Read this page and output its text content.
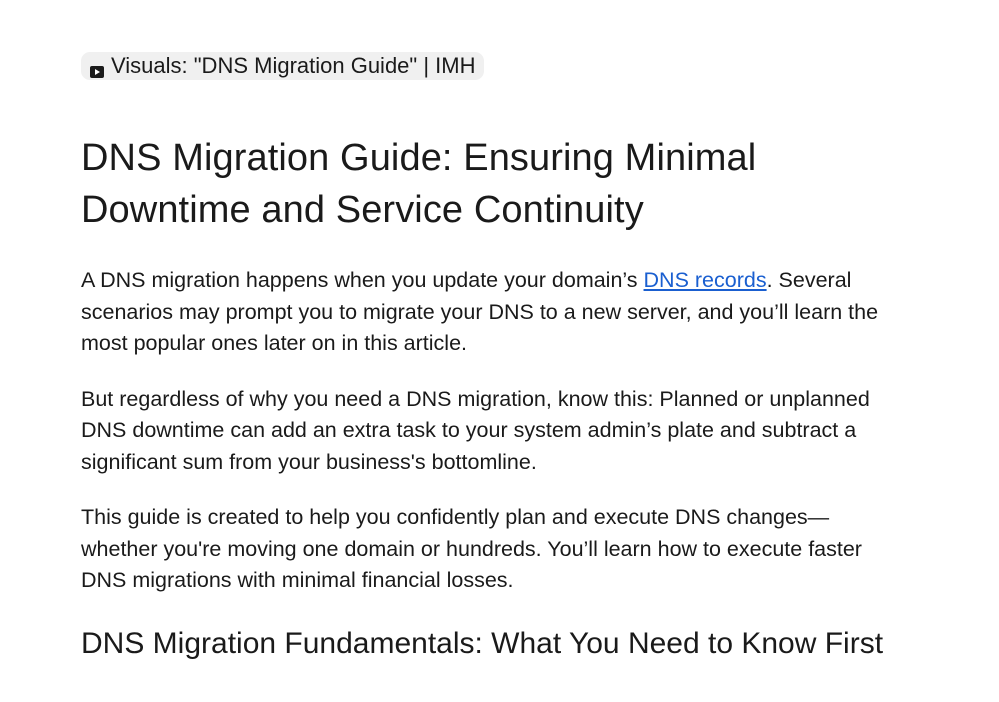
Visuals: "DNS Migration Guide" | IMH
DNS Migration Guide: Ensuring Minimal Downtime and Service Continuity

A DNS migration happens when you update your domain’s DNS records. Several scenarios may prompt you to migrate your DNS to a new server, and you’ll learn the most popular ones later on in this article.

But regardless of why you need a DNS migration, know this: Planned or unplanned DNS downtime can add an extra task to your system admin’s plate and subtract a significant sum from your business's bottomline.

This guide is created to help you confidently plan and execute DNS changes—whether you're moving one domain or hundreds. You’ll learn how to execute faster DNS migrations with minimal financial losses.

DNS Migration Fundamentals: What You Need to Know First
